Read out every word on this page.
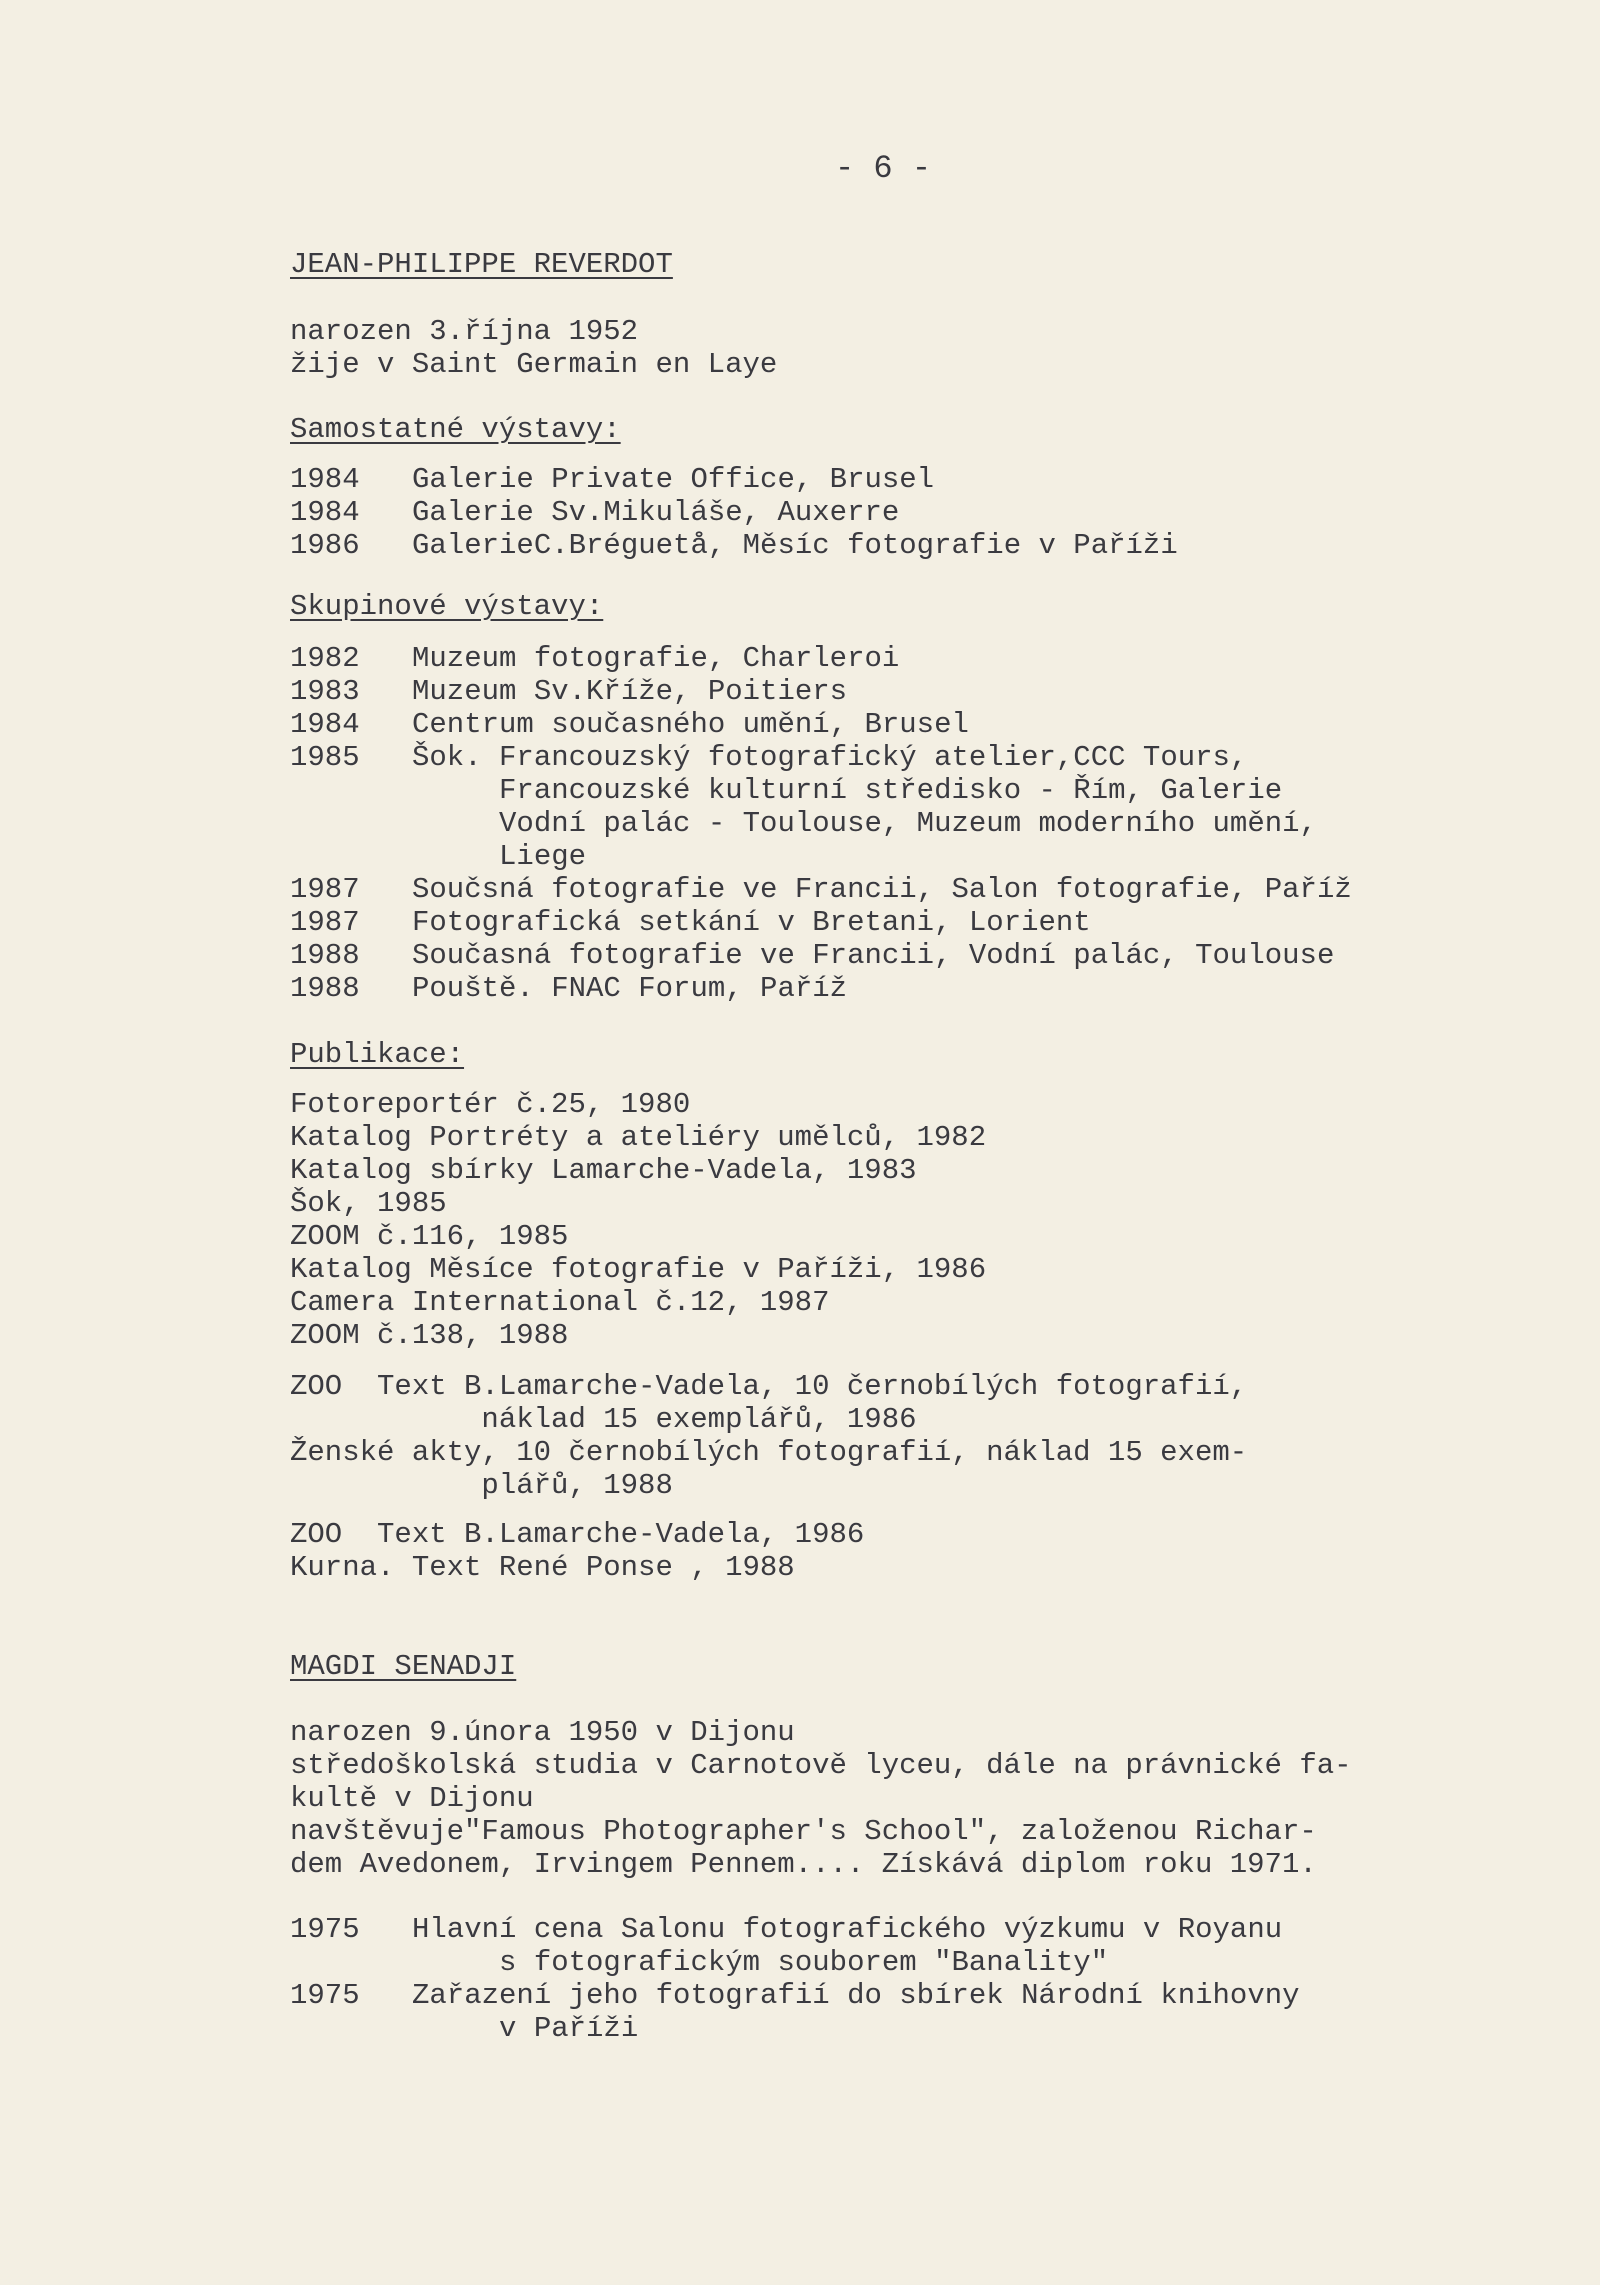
- 6 -
JEAN-PHILIPPE REVERDOT
narozen 3.října 1952
žije v Saint Germain en Laye
Samostatné výstavy:
1984	Galerie Private Office, Brusel
1984	Galerie Sv.Mikuláše, Auxerre
1986	GalerieC.Bréguetå, Měsíc fotografie v Paříži
Skupinové výstavy:
1982	Muzeum fotografie, Charleroi
1983	Muzeum Sv.Kříže, Poitiers
1984	Centrum současného umění, Brusel
1985	Šok. Francouzský fotografický atelier,CCC Tours,
Francouzské kulturní středisko - Řím, Galerie
Vodní palác - Toulouse, Muzeum moderního umění,
Liege
1987	Součsná fotografie ve Francii, Salon fotografie, Paříž
1987	Fotografická setkání v Bretani, Lorient
1988	Současná fotografie ve Francii, Vodní palác, Toulouse
1988	Pouště. FNAC Forum, Paříž
Publikace:
Fotoreportér č.25, 1980
Katalog Portréty a ateliéry umělců, 1982
Katalog sbírky Lamarche-Vadela, 1983
Šok, 1985
ZOOM č.116, 1985
Katalog Měsíce fotografie v Paříži, 1986
Camera International č.12, 1987
ZOOM č.138, 1988
ZOO  Text B.Lamarche-Vadela, 10 černobílých fotografií,
náklad 15 exemplářů, 1986
Ženské akty, 10 černobílých fotografií, náklad 15 exem-
plářů, 1988
ZOO  Text B.Lamarche-Vadela, 1986
Kurna. Text René Ponse , 1988
MAGDI SENADJI
narozen 9.února 1950 v Dijonu
středoškolská studia v Carnotově lyceu, dále na právnické fa-
kultě v Dijonu
navštěvuje"Famous Photographer's School", založenou Richar-
dem Avedonem, Irvingem Pennem.... Získává diplom roku 1971.
1975	Hlavní cena Salonu fotografického výzkumu v Royanu
s fotografickým souborem "Banality"
1975	Zařazení jeho fotografií do sbírek Národní knihovny
v Paříži
